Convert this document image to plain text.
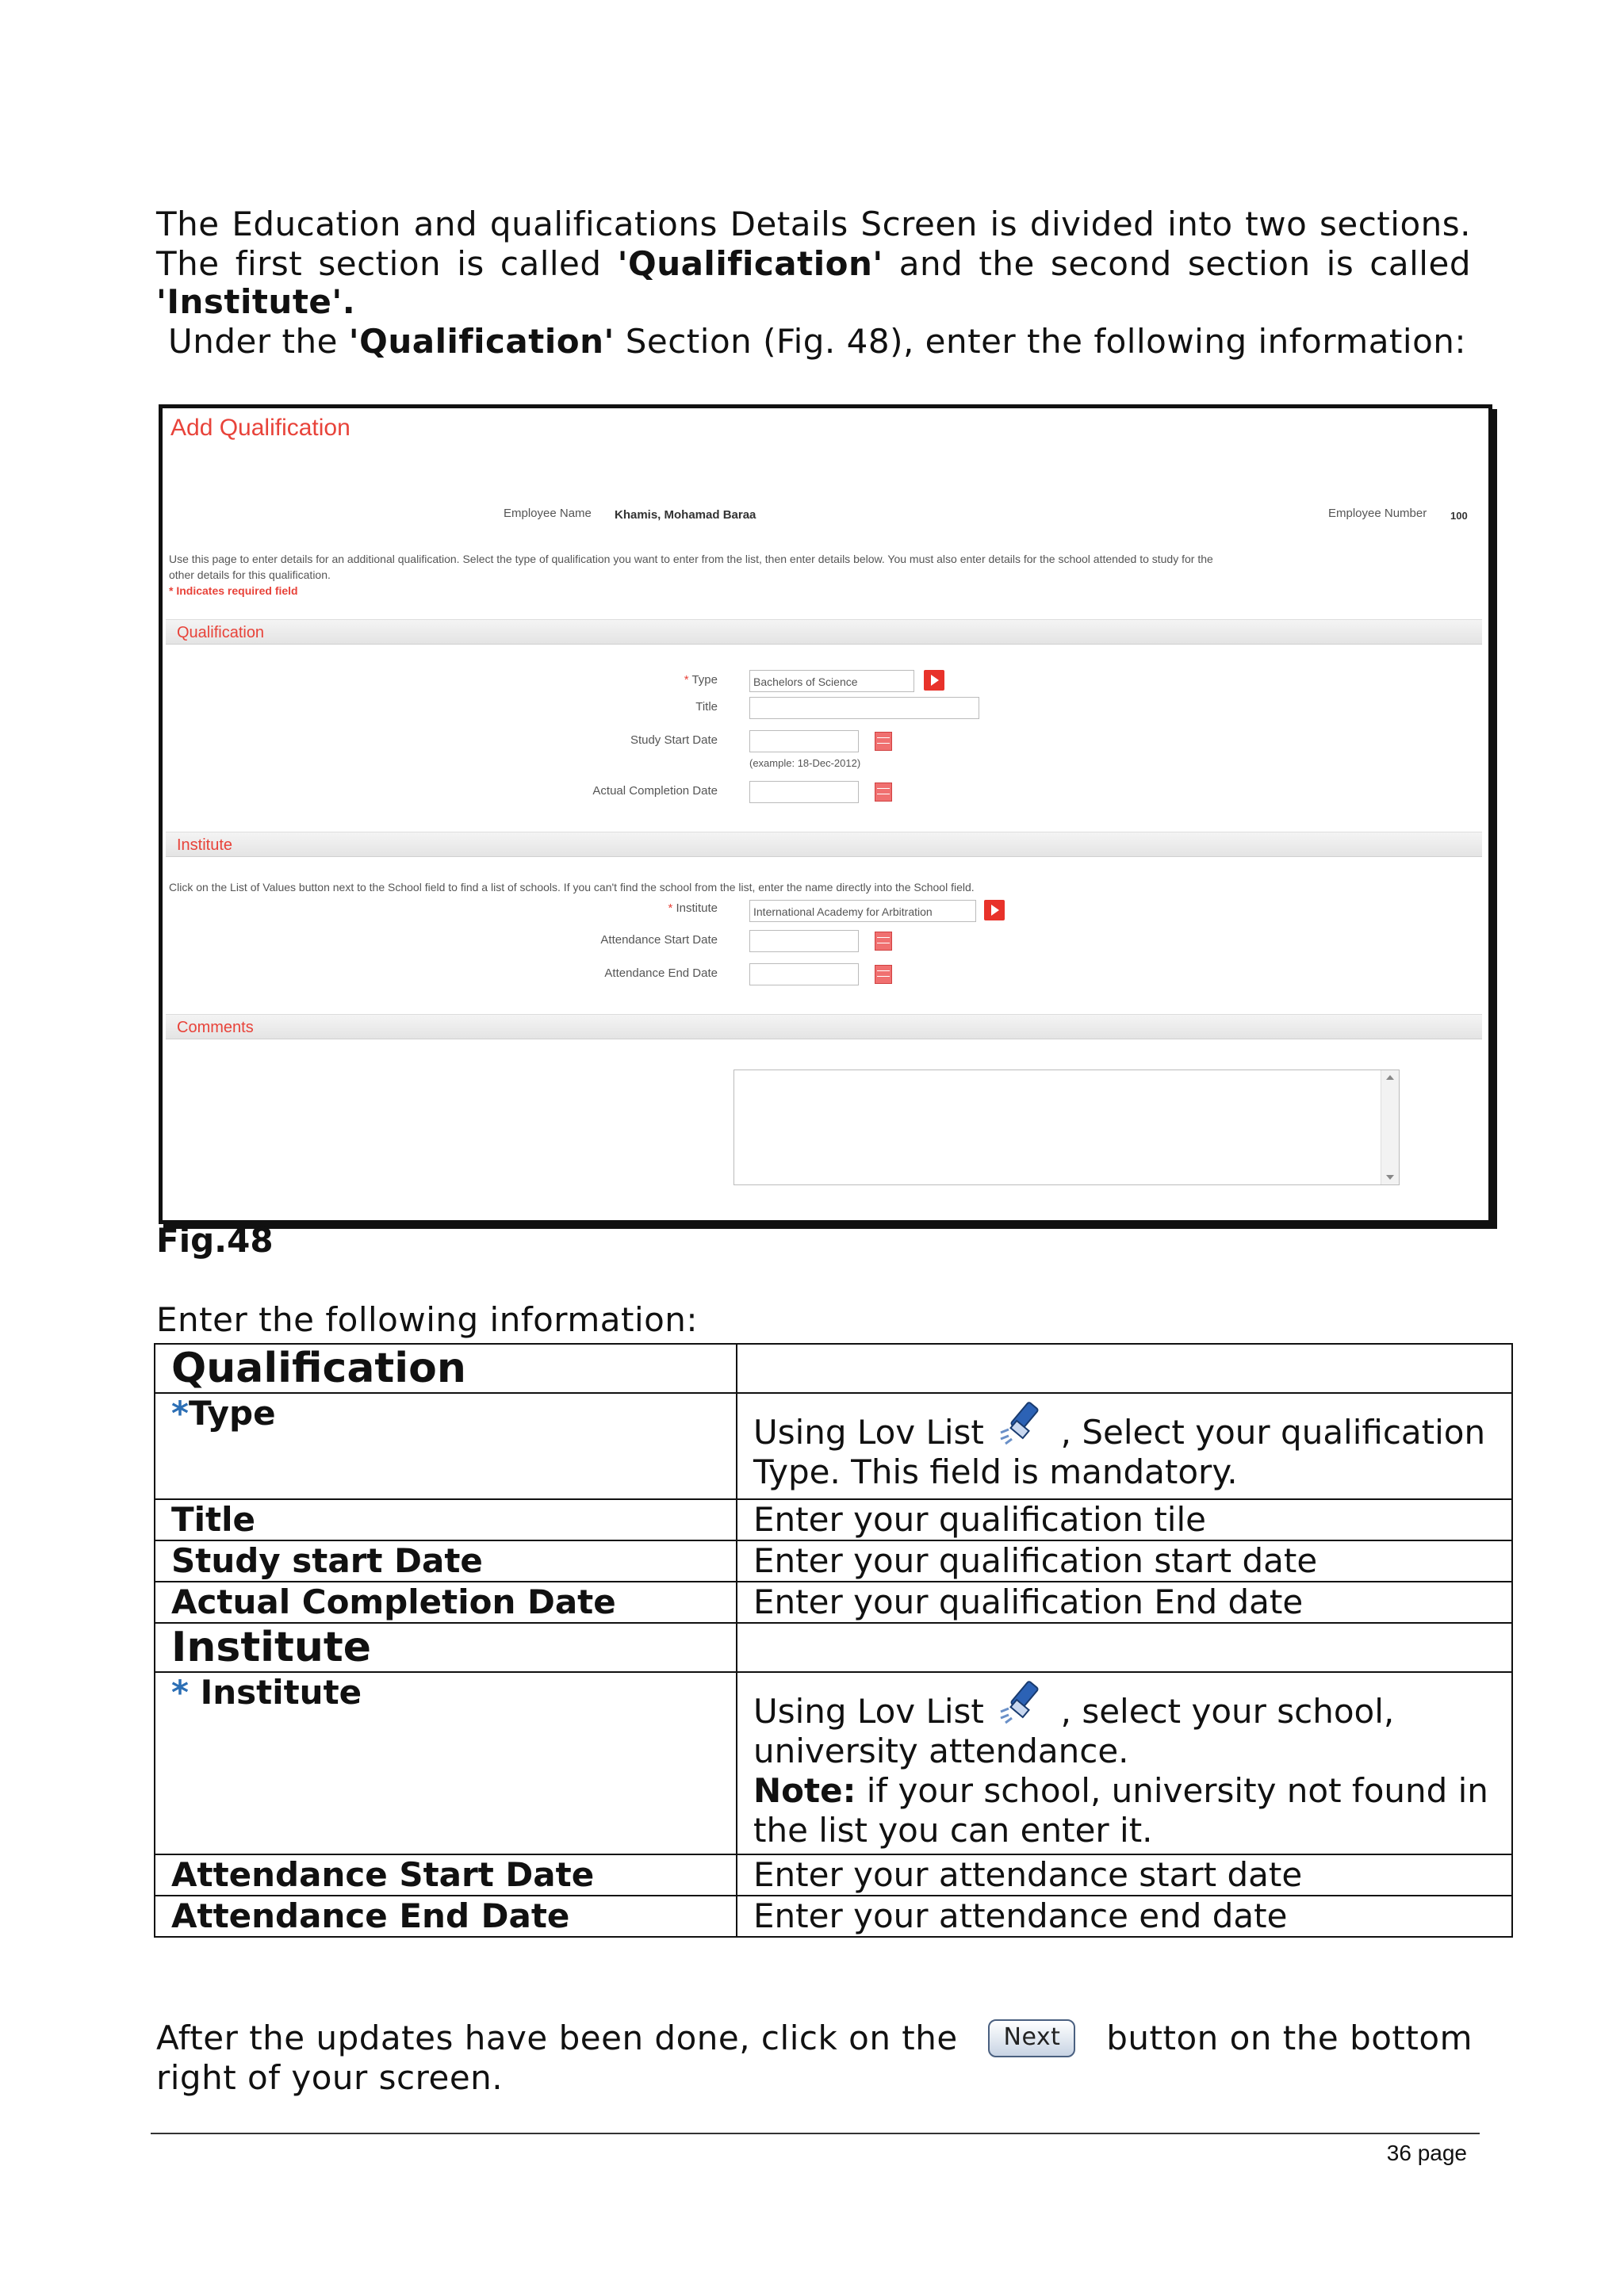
The Education and qualifications Details Screen is divided into two sections.
The first section is called 'Qualification' and the second section is called
'Institute'.
Under the 'Qualification' Section (Fig. 48), enter the following information:
Add Qualification
Employee Name Khamis, Mohamad Baraa	Employee Number 100
Use this page to enter details for an additional qualification. Select the type of qualification you want to enter from the list, then enter details below. You must also enter details for the school attended to study for the
other details for this qualification.
* Indicates required field
Qualification
* Type	Bachelors of Science
Title
Study Start Date
(example: 18-Dec-2012)
Actual Completion Date
Institute
Click on the List of Values button next to the School field to find a list of schools. If you can't find the school from the list, enter the name directly into the School field.
* Institute	International Academy for Arbitration
Attendance Start Date
Attendance End Date
Comments
Fig.48
Enter the following information:
Qualification	
*Type	Using Lov List , Select your qualification
Type. This field is mandatory.
Title	Enter your qualification tile
Study start Date	Enter your qualification start date
Actual Completion Date	Enter your qualification End date
Institute	
* Institute	Using Lov List , select your school,
university attendance.
Note: if your school, university not found in
the list you can enter it.
Attendance Start Date	Enter your attendance start date
Attendance End Date	Enter your attendance end date
After the updates have been done, click on the	Next	button on the bottom
right of your screen.
36 page
